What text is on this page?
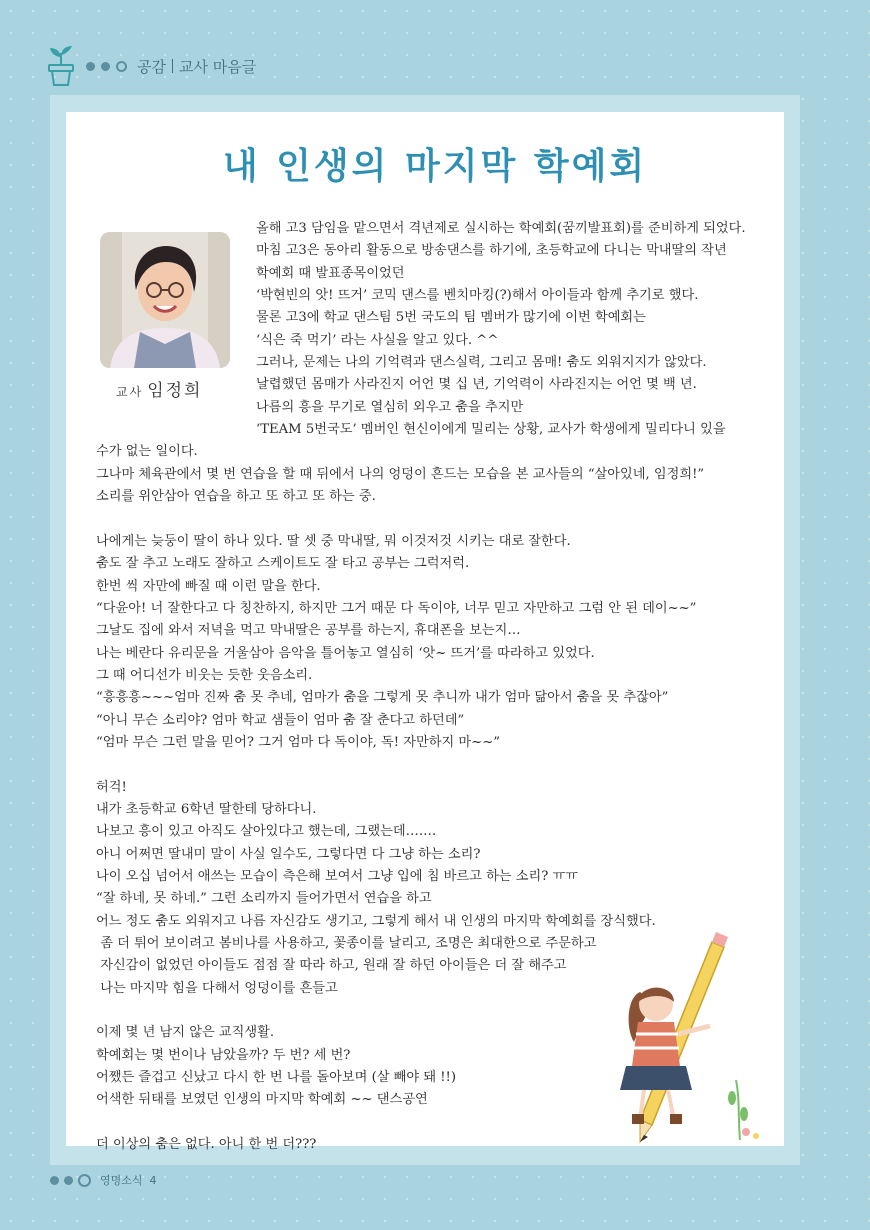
공감 교사 마음글
내 인생의 마지막 학예회
교사 임정희
올해 고3 담임을 맡으면서 격년제로 실시하는 학예회(꿈끼발표회)를 준비하게 되었다.
마침 고3은 동아리 활동으로 방송댄스를 하기에, 초등학교에 다니는 막내딸의 작년
학예회 때 발표종목이었던
‘박현빈의 앗! 뜨거’ 코믹 댄스를 벤치마킹(?)해서 아이들과 함께 추기로 했다.
물론 고3에 학교 댄스팀 5번 국도의 팀 멤버가 많기에 이번 학예회는
‘식은 죽 먹기’ 라는 사실을 알고 있다. ^^
그러나, 문제는 나의 기억력과 댄스실력, 그리고 몸매! 춤도 외워지지가 않았다.
날렵했던 몸매가 사라진지 어언 몇 십 년, 기억력이 사라진지는 어언 몇 백 년.
나름의 흥을 무기로 열심히 외우고 춤을 추지만
‘TEAM 5번국도’ 멤버인 현신이에게 밀리는 상황, 교사가 학생에게 밀리다니 있을
수가 없는 일이다.
그나마 체육관에서 몇 번 연습을 할 때 뒤에서 나의 엉덩이 흔드는 모습을 본 교사들의 “살아있네, 임정희!”
소리를 위안삼아 연습을 하고 또 하고 또 하는 중.

나에게는 늦둥이 딸이 하나 있다. 딸 셋 중 막내딸, 뭐 이것저것 시키는 대로 잘한다.
춤도 잘 추고 노래도 잘하고 스케이트도 잘 타고 공부는 그럭저럭.
한번 씩 자만에 빠질 때 이런 말을 한다.
“다윤아! 너 잘한다고 다 칭찬하지, 하지만 그거 때문 다 독이야, 너무 믿고 자만하고 그럼 안 된 데이~~”
그날도 집에 와서 저녁을 먹고 막내딸은 공부를 하는지, 휴대폰을 보는지…
나는 베란다 유리문을 거울삼아 음악을 틀어놓고 열심히 ‘앗~ 뜨거’를 따라하고 있었다.
그 때 어디선가 비웃는 듯한 웃음소리.
“흥흥흥~~~엄마 진짜 춤 못 추네, 엄마가 춤을 그렇게 못 추니까 내가 엄마 닮아서 춤을 못 추잖아”
“아니 무슨 소리야? 엄마 학교 샘들이 엄마 춤 잘 춘다고 하던데”
“엄마 무슨 그런 말을 믿어? 그거 엄마 다 독이야, 독! 자만하지 마~~”

허걱!
내가 초등학교 6학년 딸한테 당하다니.
나보고 흥이 있고 아직도 살아있다고 했는데, 그랬는데…….
아니 어쩌면 딸내미 말이 사실 일수도, 그렇다면 다 그냥 하는 소리?
나이 오십 넘어서 애쓰는 모습이 측은해 보여서 그냥 입에 침 바르고 하는 소리? ㅠㅠ
“잘 하네, 못 하네.” 그런 소리까지 들어가면서 연습을 하고
어느 정도 춤도 외워지고 나름 자신감도 생기고, 그렇게 해서 내 인생의 마지막 학예회를 장식했다.
좀 더 튀어 보이려고 봄비나를 사용하고, 꽃종이를 날리고, 조명은 최대한으로 주문하고
자신감이 없었던 아이들도 점점 잘 따라 하고, 원래 잘 하던 아이들은 더 잘 해주고
나는 마지막 힘을 다해서 엉덩이를 흔들고

이제 몇 년 남지 않은 교직생활.
학예회는 몇 번이나 남았을까? 두 번? 세 번?
어쨌든 즐겁고 신났고 다시 한 번 나를 돌아보며 (살 빼야 돼 !!)
어색한 뒤태를 보였던 인생의 마지막 학예회 ~~ 댄스공연

더 이상의 춤은 없다. 아니 한 번 더???
영명소식 4
